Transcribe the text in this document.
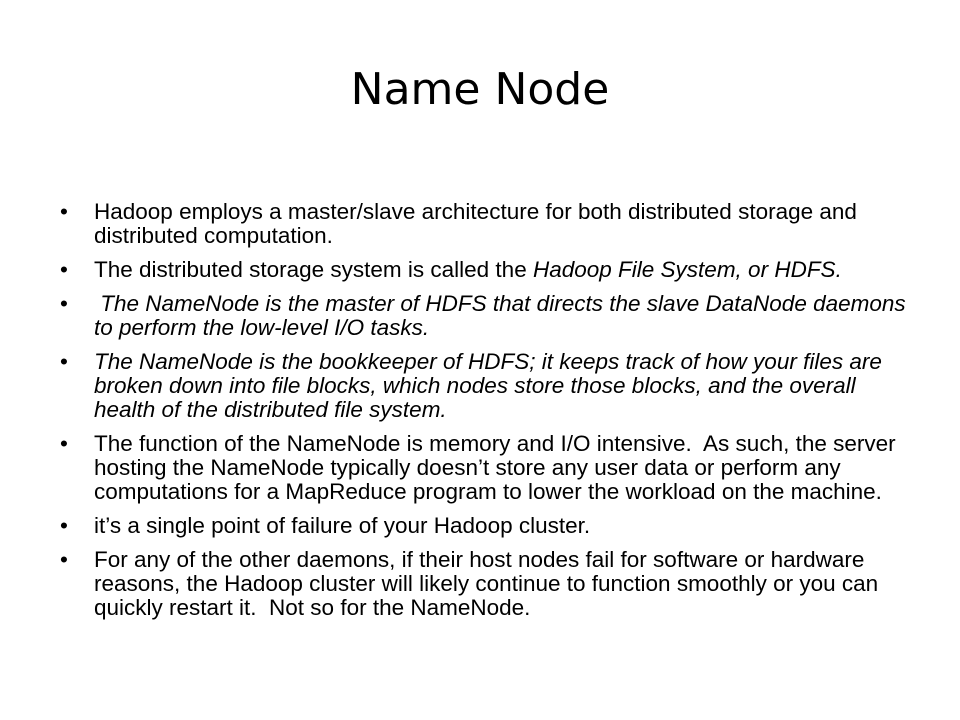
Name Node
•	Hadoop employs a master/slave architecture for both distributed storage and distributed computation.
•	The distributed storage system is called the Hadoop File System, or HDFS.
•	The NameNode is the master of HDFS that directs the slave DataNode daemons to perform the low-level I/O tasks.
•	The NameNode is the bookkeeper of HDFS; it keeps track of how your files are broken down into file blocks, which nodes store those blocks, and the overall health of the distributed file system.
•	The function of the NameNode is memory and I/O intensive.  As such, the server hosting the NameNode typically doesn’t store any user data or perform any computations for a MapReduce program to lower the workload on the machine.
•	it’s a single point of failure of your Hadoop cluster.
•	For any of the other daemons, if their host nodes fail for software or hardware reasons, the Hadoop cluster will likely continue to function smoothly or you can quickly restart it.  Not so for the NameNode.
